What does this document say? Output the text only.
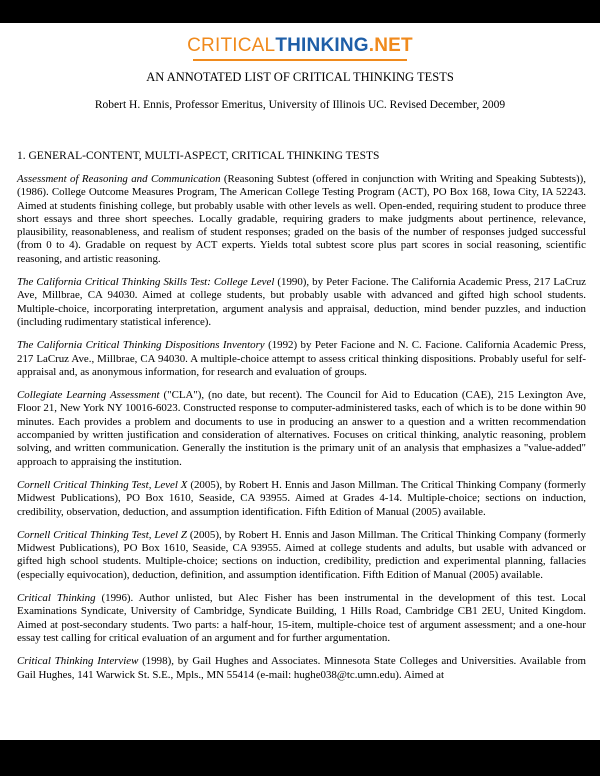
CRITICALTHINKING.NET
AN ANNOTATED LIST OF CRITICAL THINKING TESTS
Robert H. Ennis, Professor Emeritus, University of Illinois UC. Revised December, 2009
1. GENERAL-CONTENT, MULTI-ASPECT, CRITICAL THINKING TESTS

Assessment of Reasoning and Communication (Reasoning Subtest (offered in conjunction with Writing and Speaking Subtests)), (1986). College Outcome Measures Program, The American College Testing Program (ACT), PO Box 168, Iowa City, IA 52243. Aimed at students finishing college, but probably usable with other levels as well. Open-ended, requiring student to produce three short essays and three short speeches. Locally gradable, requiring graders to make judgments about pertinence, relevance, plausibility, reasonableness, and realism of student responses; graded on the basis of the number of responses judged successful (from 0 to 4). Gradable on request by ACT experts. Yields total subtest score plus part scores in social reasoning, scientific reasoning, and artistic reasoning.

The California Critical Thinking Skills Test: College Level (1990), by Peter Facione. The California Academic Press, 217 LaCruz Ave, Millbrae, CA 94030. Aimed at college students, but probably usable with advanced and gifted high school students. Multiple-choice, incorporating interpretation, argument analysis and appraisal, deduction, mind bender puzzles, and induction (including rudimentary statistical inference).

The California Critical Thinking Dispositions Inventory (1992) by Peter Facione and N. C. Facione. California Academic Press, 217 LaCruz Ave., Millbrae, CA 94030. A multiple-choice attempt to assess critical thinking dispositions. Probably useful for self-appraisal and, as anonymous information, for research and evaluation of groups.

Collegiate Learning Assessment ("CLA"), (no date, but recent). The Council for Aid to Education (CAE), 215 Lexington Ave, Floor 21, New York NY 10016-6023. Constructed response to computer-administered tasks, each of which is to be done within 90 minutes. Each provides a problem and documents to use in producing an answer to a question and a written recommendation accompanied by written justification and consideration of alternatives. Focuses on critical thinking, analytic reasoning, problem solving, and written communication. Generally the institution is the primary unit of an analysis that emphasizes a "value-added" approach to appraising the institution.

Cornell Critical Thinking Test, Level X (2005), by Robert H. Ennis and Jason Millman. The Critical Thinking Company (formerly Midwest Publications), PO Box 1610, Seaside, CA 93955. Aimed at Grades 4-14. Multiple-choice; sections on induction, credibility, observation, deduction, and assumption identification. Fifth Edition of Manual (2005) available.

Cornell Critical Thinking Test, Level Z (2005), by Robert H. Ennis and Jason Millman. The Critical Thinking Company (formerly Midwest Publications), PO Box 1610, Seaside, CA 93955. Aimed at college students and adults, but usable with advanced or gifted high school students. Multiple-choice; sections on induction, credibility, prediction and experimental planning, fallacies (especially equivocation), deduction, definition, and assumption identification. Fifth Edition of Manual (2005) available.

Critical Thinking (1996). Author unlisted, but Alec Fisher has been instrumental in the development of this test. Local Examinations Syndicate, University of Cambridge, Syndicate Building, 1 Hills Road, Cambridge CB1 2EU, United Kingdom. Aimed at post-secondary students. Two parts: a half-hour, 15-item, multiple-choice test of argument assessment; and a one-hour essay test calling for critical evaluation of an argument and for further argumentation.

Critical Thinking Interview (1998), by Gail Hughes and Associates. Minnesota State Colleges and Universities. Available from Gail Hughes, 141 Warwick St. S.E., Mpls., MN 55414 (e-mail: hughe038@tc.umn.edu). Aimed at
